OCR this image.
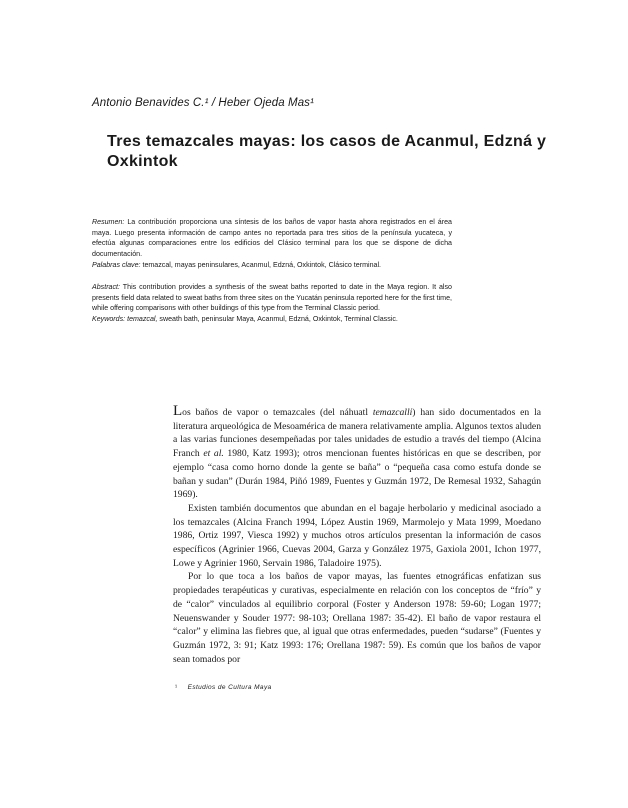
Antonio Benavides C.¹ / Heber Ojeda Mas¹
Tres temazcales mayas: los casos de Acanmul, Edzná y Oxkintok

Resumen: La contribución proporciona una síntesis de los baños de vapor hasta ahora registrados en el área maya. Luego presenta información de campo antes no reportada para tres sitios de la península yucateca, y efectúa algunas comparaciones entre los edificios del Clásico terminal para los que se dispone de dicha documentación.

Palabras clave: temazcal, mayas peninsulares, Acanmul, Edzná, Oxkintok, Clásico terminal.

Abstract: This contribution provides a synthesis of the sweat baths reported to date in the Maya region. It also presents field data related to sweat baths from three sites on the Yucatán peninsula reported here for the first time, while offering comparisons with other buildings of this type from the Terminal Classic period.

Keywords: temazcal, sweath bath, peninsular Maya, Acanmul, Edzná, Oxkintok, Terminal Classic.

Los baños de vapor o temazcales (del náhuatl temazcalli) han sido documentados en la literatura arqueológica de Mesoamérica de manera relativamente amplia. Algunos textos aluden a las varias funciones desempeñadas por tales unidades de estudio a través del tiempo (Alcina Franch et al. 1980, Katz 1993); otros mencionan fuentes históricas en que se describen, por ejemplo “casa como horno donde la gente se baña” o “pequeña casa como estufa donde se bañan y sudan” (Durán 1984, Piñó 1989, Fuentes y Guzmán 1972, De Remesal 1932, Sahagún 1969).

Existen también documentos que abundan en el bagaje herbolario y medicinal asociado a los temazcales (Alcina Franch 1994, López Austin 1969, Marmolejo y Mata 1999, Moedano 1986, Ortiz 1997, Viesca 1992) y muchos otros artículos presentan la información de casos específicos (Agrinier 1966, Cuevas 2004, Garza y González 1975, Gaxiola 2001, Ichon 1977, Lowe y Agrinier 1960, Servain 1986, Taladoire 1975).

Por lo que toca a los baños de vapor mayas, las fuentes etnográficas enfatizan sus propiedades terapéuticas y curativas, especialmente en relación con los conceptos de “frío” y de “calor” vinculados al equilibrio corporal (Foster y Anderson 1978: 59-60; Logan 1977; Neuenswander y Souder 1977: 98-103; Orellana 1987: 35-42). El baño de vapor restaura el “calor” y elimina las fiebres que, al igual que otras enfermedades, pueden “sudarse” (Fuentes y Guzmán 1972, 3: 91; Katz 1993: 176; Orellana 1987: 59). Es común que los baños de vapor sean tomados por

¹ Estudios de Cultura Maya
